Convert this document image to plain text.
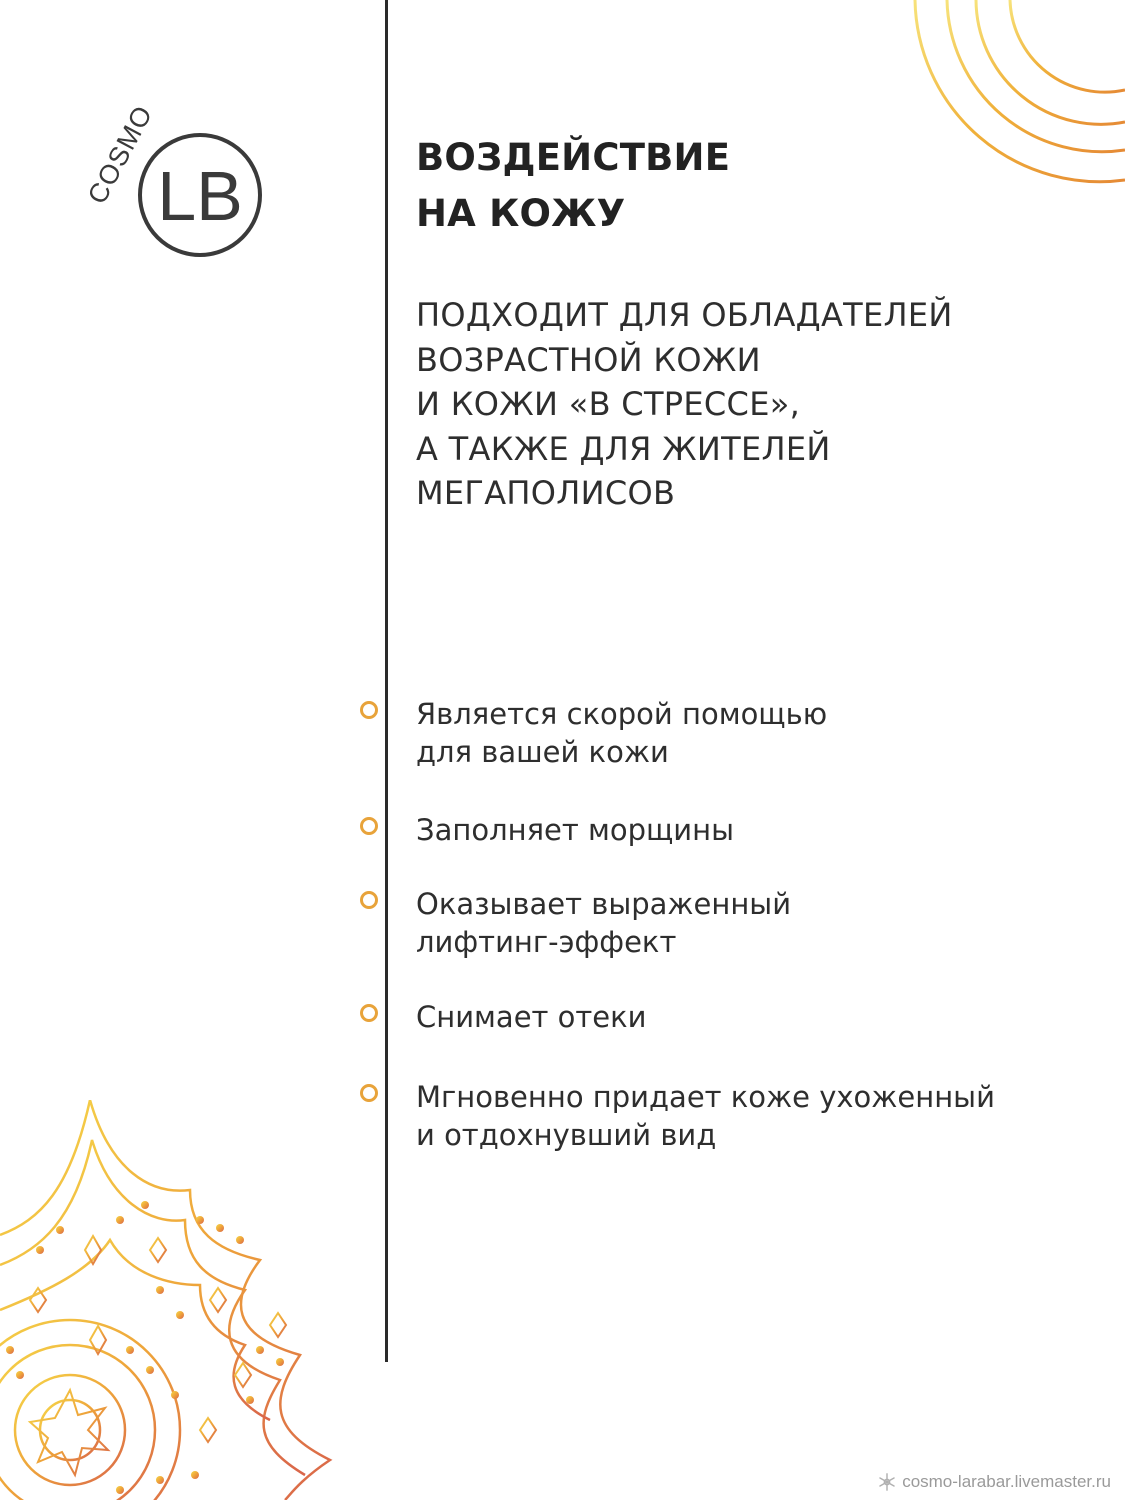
LB
COSMO	ВОЗДЕЙСТВИЕ
НА КОЖУ
ПОДХОДИТ ДЛЯ ОБЛАДАТЕЛЕЙ
ВОЗРАСТНОЙ КОЖИ
И КОЖИ «В СТРЕССЕ»,
А ТАКЖЕ ДЛЯ ЖИТЕЛЕЙ
МЕГАПОЛИСОВ
Является скорой помощью
для вашей кожи
Заполняет морщины
Оказывает выраженный
лифтинг-эффект
Снимает отеки
Мгновенно придает коже ухоженный
и отдохнувший вид
cosmo-larabar.livemaster.ru
